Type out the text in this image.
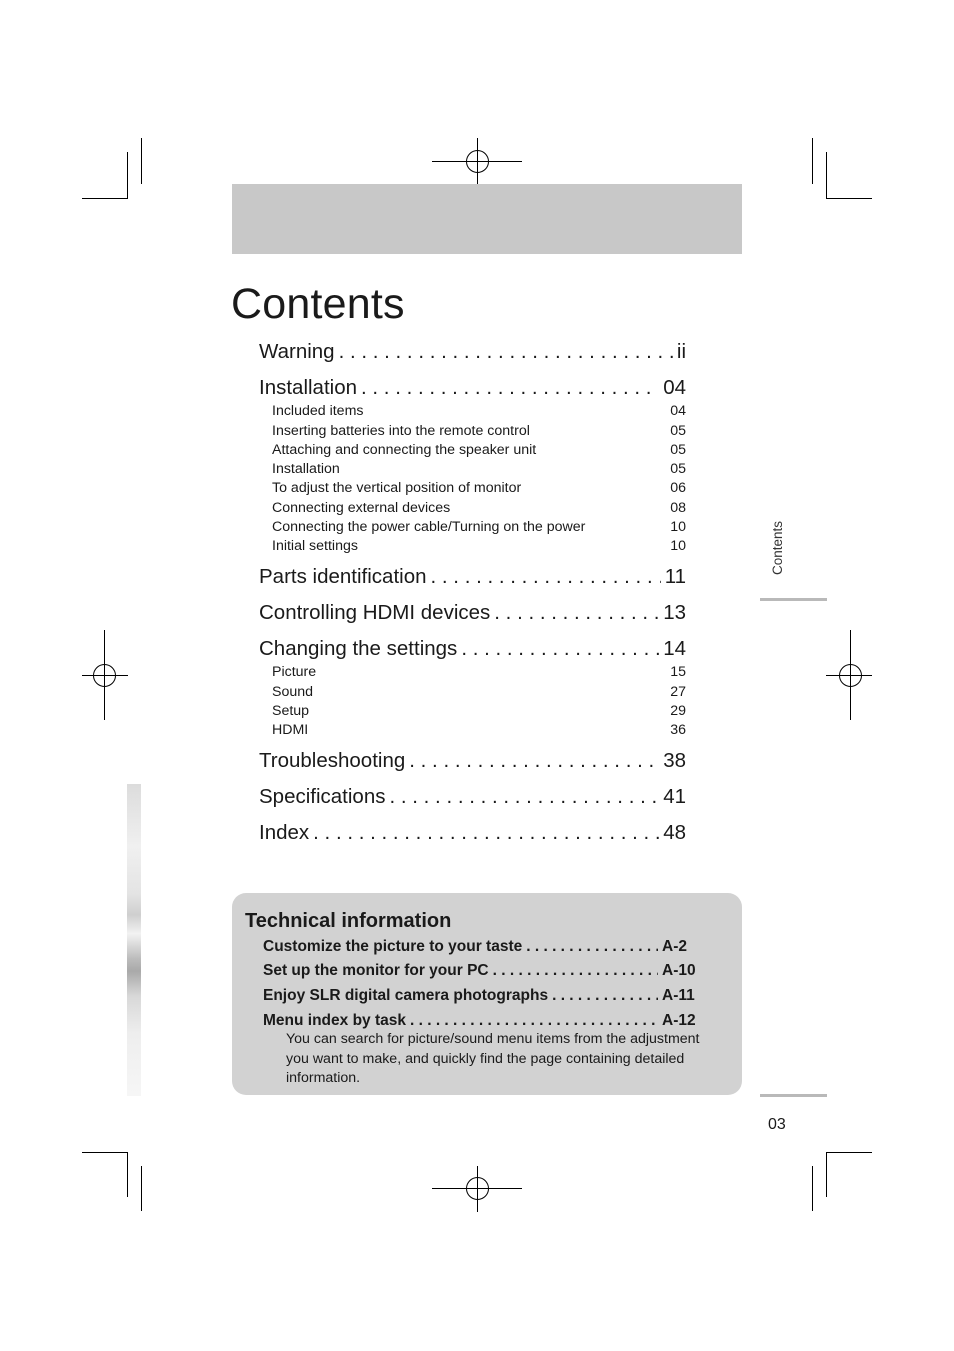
Contents
Warning . . .	ii
Installation . . .	04
Included items	04
Inserting batteries into the remote control	05
Attaching and connecting the speaker unit	05
Installation	05
To adjust the vertical position of monitor	06
Connecting external devices	08
Connecting the power cable/Turning on the power	10
Initial settings	10
Parts identification . . .	11
Controlling HDMI devices . . .	13
Changing the settings . . .	14
Picture	15
Sound	27
Setup	29
HDMI	36
Troubleshooting . . .	38
Specifications . . .	41
Index . . .	48
Contents
03
Technical information
Customize the picture to your taste . . .	A-2
Set up the monitor for your PC . . .	A-10
Enjoy SLR digital camera photographs . . .	A-11
Menu index by task . . .	A-12

You can search for picture/sound menu items from the adjustment you want to make, and quickly find the page containing detailed information.
